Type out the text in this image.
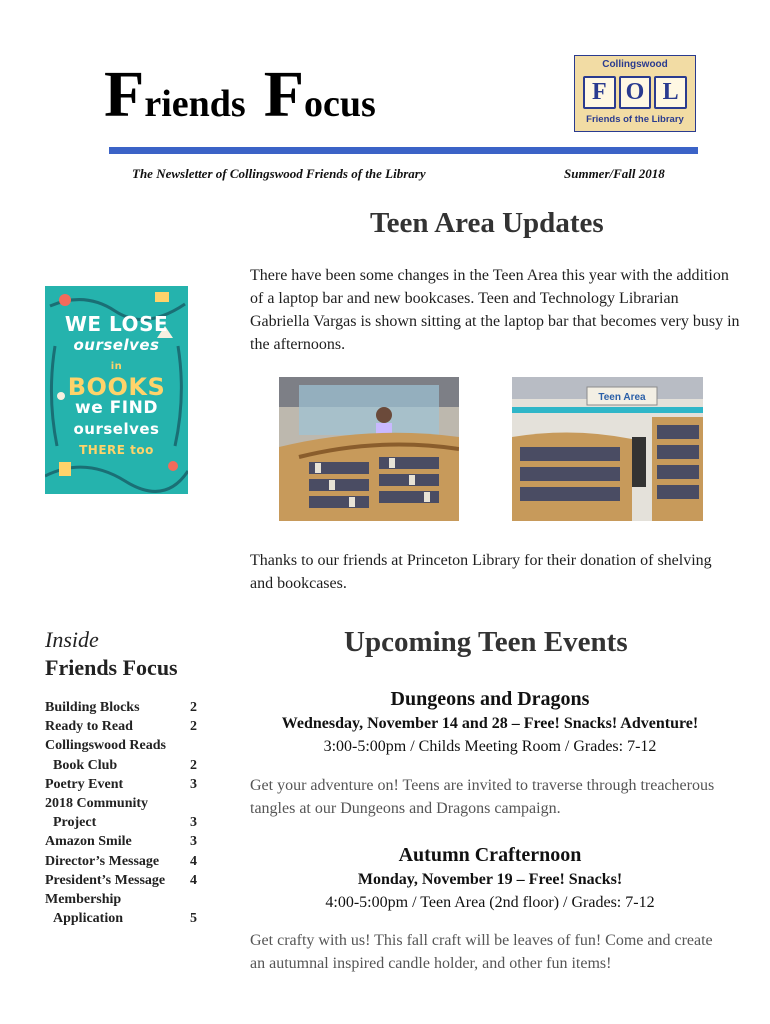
Friends Focus
Collingswood
F O L
Friends of the Library
The Newsletter of Collingswood Friends of the Library	Summer/Fall 2018
Teen Area Updates
There have been some changes in the Teen Area this year with the addition of a laptop bar and new bookcases. Teen and Technology Librarian Gabriella Vargas is shown sitting at the laptop bar that becomes very busy in the afternoons.
WE LOSE
ourselves
in
BOOKS
we FIND
ourselves
THERE too
Teen Area
Thanks to our friends at Princeton Library for their donation of shelving and bookcases.
Inside
Friends Focus
Building Blocks	2
Ready to Read	2
Collingswood Reads
Book Club	2
Poetry Event	3
2018 Community
Project	3
Amazon Smile	3
Director’s Message 4
President’s Message 4
Membership
Application	5
Upcoming Teen Events
Dungeons and Dragons
Wednesday, November 14 and 28 – Free! Snacks! Adventure!
3:00-5:00pm / Childs Meeting Room / Grades: 7-12
Get your adventure on! Teens are invited to traverse through treacherous tangles at our Dungeons and Dragons campaign.
Autumn Crafternoon
Monday, November 19 – Free! Snacks!
4:00-5:00pm / Teen Area (2nd floor) / Grades: 7-12
Get crafty with us! This fall craft will be leaves of fun! Come and create an autumnal inspired candle holder, and other fun items!
